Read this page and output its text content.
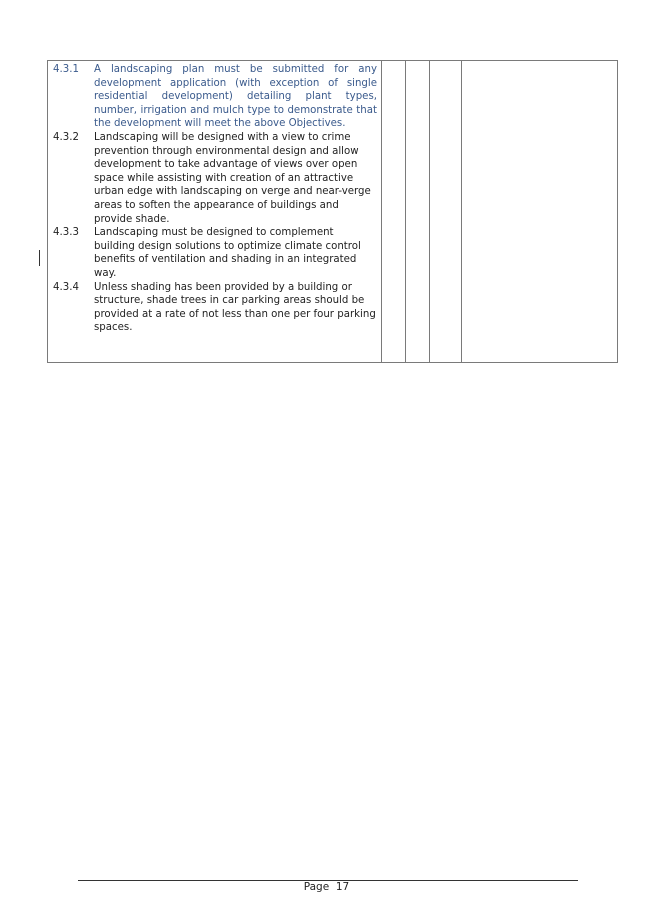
4.3.1	A landscaping plan must be submitted for any development application (with exception of single residential development) detailing plant types, number, irrigation and mulch type to demonstrate that the development will meet the above Objectives.

4.3.2	Landscaping will be designed with a view to crime prevention through environmental design and allow development to take advantage of views over open space while assisting with creation of an attractive urban edge with landscaping on verge and near-verge areas to soften the appearance of buildings and provide shade.

4.3.3	Landscaping must be designed to complement building design solutions to optimize climate control benefits of ventilation and shading in an integrated way.

4.3.4	Unless shading has been provided by a building or structure, shade trees in car parking areas should be provided at a rate of not less than one per four parking spaces.

Page 17
